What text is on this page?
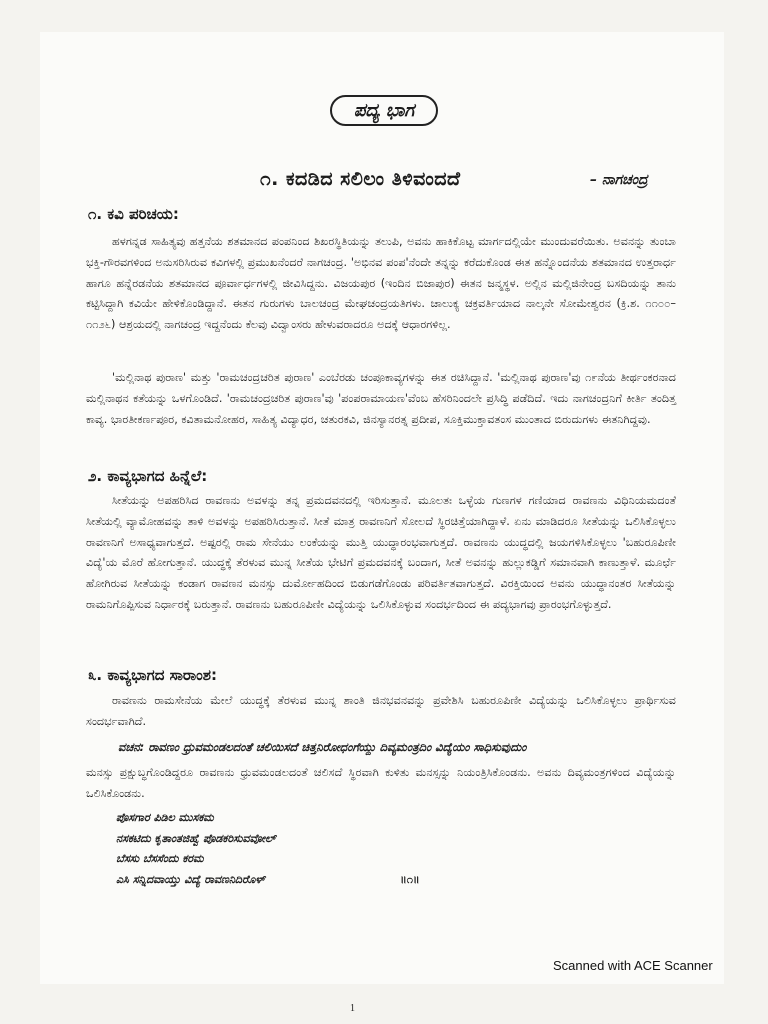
ಪದ್ಯ ಭಾಗ
೧. ಕದಡಿದ ಸಲಿಲಂ ತಿಳಿವಂದದೆ	– ನಾಗಚಂದ್ರ
೧. ಕವಿ ಪರಿಚಯ:

ಹಳಗನ್ನಡ ಸಾಹಿತ್ಯವು ಹತ್ತನೆಯ ಶತಮಾನದ ಪಂಪನಿಂದ ಶಿಖರಸ್ಥಿತಿಯನ್ನು ತಲುಪಿ, ಅವನು ಹಾಕಿಕೊಟ್ಟ ಮಾರ್ಗದಲ್ಲಿಯೇ ಮುಂದುವರೆಯಿತು. ಅವನನ್ನು ತುಂಬಾ ಭಕ್ತಿ-ಗೌರವಗಳಿಂದ ಅನುಸರಿಸಿರುವ ಕವಿಗಳಲ್ಲಿ ಪ್ರಮುಖನೆಂದರೆ ನಾಗಚಂದ್ರ. 'ಅಭಿನವ ಪಂಪ'ನೆಂದೇ ತನ್ನನ್ನು ಕರೆದುಕೊಂಡ ಈತ ಹನ್ನೊಂದನೆಯ ಶತಮಾನದ ಉತ್ತರಾರ್ಧ ಹಾಗೂ ಹನ್ನೆರಡನೆಯ ಶತಮಾನದ ಪೂರ್ವಾರ್ಧಗಳಲ್ಲಿ ಜೀವಿಸಿದ್ದನು. ವಿಜಯಪುರ (ಇಂದಿನ ಬಿಜಾಪುರ) ಈತನ ಜನ್ಮಸ್ಥಳ. ಅಲ್ಲಿನ ಮಲ್ಲಿಜಿನೇಂದ್ರ ಬಸದಿಯನ್ನು ತಾನು ಕಟ್ಟಿಸಿದ್ದಾಗಿ ಕವಿಯೇ ಹೇಳಿಕೊಂಡಿದ್ದಾನೆ. ಈತನ ಗುರುಗಳು ಬಾಲಚಂದ್ರ ಮೇಘಚಂದ್ರಯತಿಗಳು. ಚಾಲುಕ್ಯ ಚಕ್ರವರ್ತಿಯಾದ ನಾಲ್ಕನೇ ಸೋಮೇಶ್ವರನ (ಕ್ರಿ.ಶ. ೧೧೦೦–೧೧೨೬) ಆಶ್ರಯದಲ್ಲಿ ನಾಗಚಂದ್ರ ಇದ್ದನೆಂದು ಕೆಲವು ವಿದ್ವಾಂಸರು ಹೇಳುವರಾದರೂ ಅದಕ್ಕೆ ಆಧಾರಗಳಿಲ್ಲ.

'ಮಲ್ಲಿನಾಥ ಪುರಾಣ' ಮತ್ತು 'ರಾಮಚಂದ್ರಚರಿತ ಪುರಾಣ' ಎಂಬೆರಡು ಚಂಪೂಕಾವ್ಯಗಳನ್ನು ಈತ ರಚಿಸಿದ್ದಾನೆ. 'ಮಲ್ಲಿನಾಥ ಪುರಾಣ'ವು ೧೯ನೆಯ ತೀರ್ಥಂಕರನಾದ ಮಲ್ಲಿನಾಥನ ಕತೆಯನ್ನು ಒಳಗೊಂಡಿದೆ. 'ರಾಮಚಂದ್ರಚರಿತ ಪುರಾಣ'ವು 'ಪಂಪರಾಮಾಯಣ'ವೆಂಬ ಹೆಸರಿನಿಂದಲೇ ಪ್ರಸಿದ್ಧಿ ಪಡೆದಿದೆ. ಇದು ನಾಗಚಂದ್ರನಿಗೆ ಕೀರ್ತಿ ತಂದಿತ್ತ ಕಾವ್ಯ. ಭಾರತೀಕರ್ಣಪೂರ, ಕವಿತಾಮನೋಹರ, ಸಾಹಿತ್ಯ ವಿದ್ಯಾಧರ, ಚತುರಕವಿ, ಜಿನಸ್ಯಾನರತ್ನ ಪ್ರದೀಪ, ಸೂಕ್ತಿಮುಕ್ತಾವತಂಸ ಮುಂತಾದ ಬಿರುದುಗಳು ಈತನಿಗಿದ್ದವು.

೨. ಕಾವ್ಯಭಾಗದ ಹಿನ್ನೆಲೆ:

ಸೀತೆಯನ್ನು ಅಪಹರಿಸಿದ ರಾವಣನು ಅವಳನ್ನು ತನ್ನ ಪ್ರಮದವನದಲ್ಲಿ ಇರಿಸುತ್ತಾನೆ. ಮೂಲತಃ ಒಳ್ಳೆಯ ಗುಣಗಳ ಗಣಿಯಾದ ರಾವಣನು ವಿಧಿನಿಯಮದಂತೆ ಸೀತೆಯಲ್ಲಿ ವ್ಯಾಮೋಹವನ್ನು ತಾಳಿ ಅವಳನ್ನು ಅಪಹರಿಸಿರುತ್ತಾನೆ. ಸೀತೆ ಮಾತ್ರ ರಾವಣನಿಗೆ ಸೋಲದೆ ಸ್ಥಿರಚಿತ್ತೆಯಾಗಿದ್ದಾಳೆ. ಏನು ಮಾಡಿದರೂ ಸೀತೆಯನ್ನು ಒಲಿಸಿಕೊಳ್ಳಲು ರಾವಣನಿಗೆ ಅಸಾಧ್ಯವಾಗುತ್ತದೆ. ಅಷ್ಟರಲ್ಲಿ ರಾಮ ಸೇನೆಯು ಲಂಕೆಯನ್ನು ಮುತ್ತಿ ಯುದ್ಧಾರಂಭವಾಗುತ್ತದೆ. ರಾವಣನು ಯುದ್ಧದಲ್ಲಿ ಜಯಗಳಿಸಿಕೊಳ್ಳಲು 'ಬಹುರೂಪಿಣೀ ವಿದ್ಯೆ'ಯ ಮೊರೆ ಹೋಗುತ್ತಾನೆ. ಯುದ್ಧಕ್ಕೆ ತೆರಳುವ ಮುನ್ನ ಸೀತೆಯ ಭೇಟಿಗೆ ಪ್ರಮದವನಕ್ಕೆ ಬಂದಾಗ, ಸೀತೆ ಅವನನ್ನು ಹುಲ್ಲುಕಡ್ಡಿಗೆ ಸಮಾನವಾಗಿ ಕಾಣುತ್ತಾಳೆ. ಮೂರ್ಛೆ ಹೋಗಿರುವ ಸೀತೆಯನ್ನು ಕಂಡಾಗ ರಾವಣನ ಮನಸ್ಸು ದುರ್ಮೋಹದಿಂದ ಬಿಡುಗಡೆಗೊಂಡು ಪರಿವರ್ತಿತವಾಗುತ್ತದೆ. ವಿರಕ್ತಿಯಿಂದ ಅವನು ಯುದ್ಧಾನಂತರ ಸೀತೆಯನ್ನು ರಾಮನಿಗೊಪ್ಪಿಸುವ ನಿರ್ಧಾರಕ್ಕೆ ಬರುತ್ತಾನೆ. ರಾವಣನು ಬಹುರೂಪಿಣೀ ವಿದ್ಯೆಯನ್ನು ಒಲಿಸಿಕೊಳ್ಳುವ ಸಂದರ್ಭದಿಂದ ಈ ಪದ್ಯಭಾಗವು ಪ್ರಾರಂಭಗೊಳ್ಳುತ್ತದೆ.

೩. ಕಾವ್ಯಭಾಗದ ಸಾರಾಂಶ:

ರಾವಣನು ರಾಮಸೇನೆಯ ಮೇಲೆ ಯುದ್ಧಕ್ಕೆ ತೆರಳುವ ಮುನ್ನ ಶಾಂತಿ ಜಿನಭವನವನ್ನು ಪ್ರವೇಶಿಸಿ ಬಹುರೂಪಿಣೀ ವಿದ್ಯೆಯನ್ನು ಒಲಿಸಿಕೊಳ್ಳಲು ಪ್ರಾರ್ಥಿಸುವ ಸಂದರ್ಭವಾಗಿದೆ.

ವಚನ: ರಾವಣಂ ಧ್ರುವಮಂಡಲದಂತೆ ಚಲಿಯಿಸದೆ ಚಿತ್ತನಿರೋಧಂಗೆಯ್ದು ದಿವ್ಯಮಂತ್ರದಿಂ ವಿದ್ಯೆಯಂ ಸಾಧಿಸುವುದುಂ

ಮನಸ್ಸು ಪ್ರಕ್ಷುಬ್ಧಗೊಂಡಿದ್ದರೂ ರಾವಣನು ಧ್ರುವಮಂಡಲದಂತೆ ಚಲಿಸದೆ ಸ್ಥಿರವಾಗಿ ಕುಳಿತು ಮನಸ್ಸನ್ನು ನಿಯಂತ್ರಿಸಿಕೊಂಡನು. ಅವನು ದಿವ್ಯಮಂತ್ರಗಳಿಂದ ವಿದ್ಯೆಯನ್ನು ಒಲಿಸಿಕೊಂಡನು.

ಪೊಸಗಾರ ಪಿಡಿಲ ಮುಸಕಮ
ನಸಕಟಿದು ಕೃತಾಂತಜಿಹ್ವೆ ಪೊಡಕರಿಸುವವೋಲ್
ಬೆಸಸು ಬೆಸಸೆಂದು ಕರಮ
ಎಸಿ ಸನ್ನಿದವಾಯ್ತು ವಿದ್ಯೆ ರಾವಣನಿದಿರೊಳ್	॥೧॥
Scanned with ACE Scanner
1
